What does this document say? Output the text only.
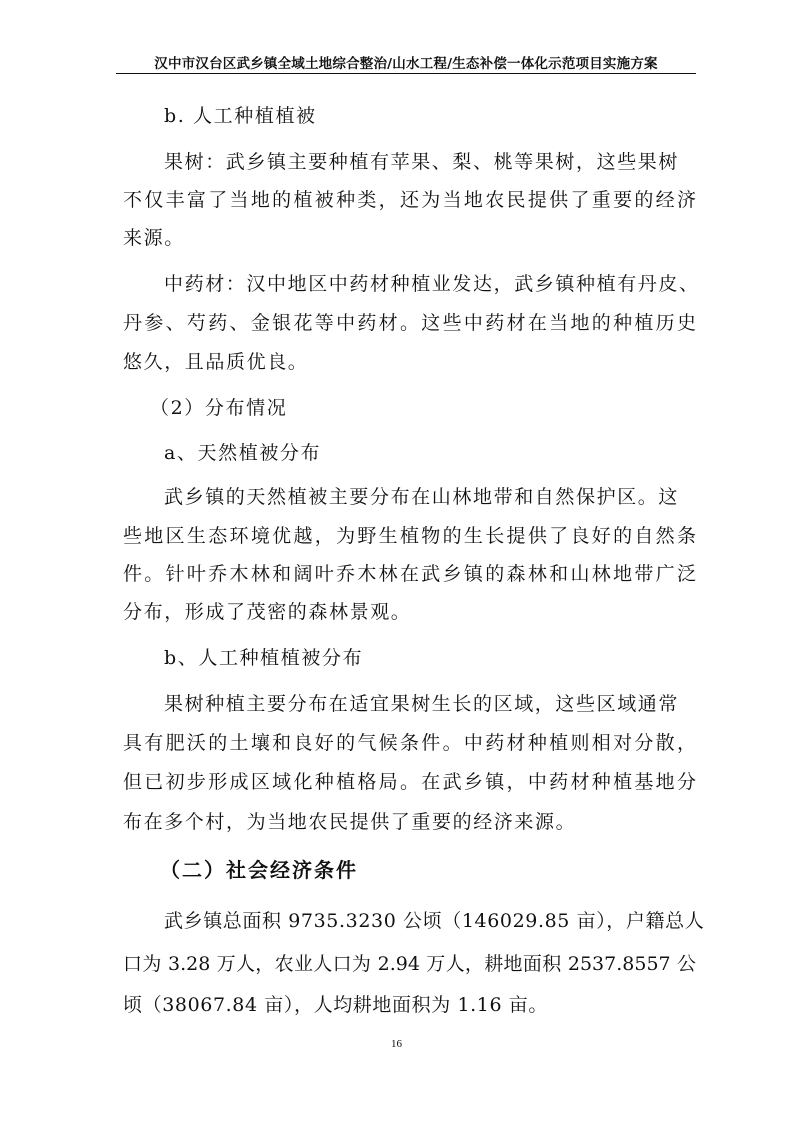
汉中市汉台区武乡镇全域土地综合整治/山水工程/生态补偿一体化示范项目实施方案
b. 人工种植植被
果树：武乡镇主要种植有苹果、梨、桃等果树，这些果树
不仅丰富了当地的植被种类，还为当地农民提供了重要的经济
来源。
中药材：汉中地区中药材种植业发达，武乡镇种植有丹皮、
丹参、芍药、金银花等中药材。这些中药材在当地的种植历史
悠久，且品质优良。
（2）分布情况
a、天然植被分布
武乡镇的天然植被主要分布在山林地带和自然保护区。这
些地区生态环境优越，为野生植物的生长提供了良好的自然条
件。针叶乔木林和阔叶乔木林在武乡镇的森林和山林地带广泛
分布，形成了茂密的森林景观。
b、人工种植植被分布
果树种植主要分布在适宜果树生长的区域，这些区域通常
具有肥沃的土壤和良好的气候条件。中药材种植则相对分散，
但已初步形成区域化种植格局。在武乡镇，中药材种植基地分
布在多个村，为当地农民提供了重要的经济来源。
（二）社会经济条件
武乡镇总面积 9735.3230 公顷（146029.85 亩），户籍总人
口为 3.28 万人，农业人口为 2.94 万人，耕地面积 2537.8557 公
顷（38067.84 亩），人均耕地面积为 1.16 亩。
16
